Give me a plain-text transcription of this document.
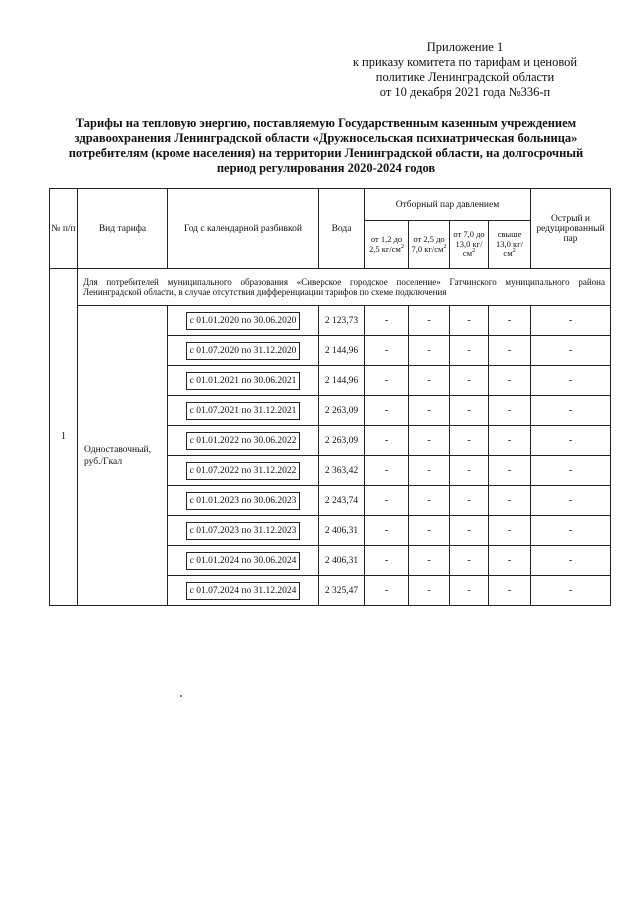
Приложение 1
к приказу комитета по тарифам и ценовой
политике Ленинградской области
от 10 декабря 2021 года №336-п
Тарифы на тепловую энергию, поставляемую Государственным казенным учреждением
здравоохранения Ленинградской области «Дружносельская психиатрическая больница»
потребителям (кроме населения) на территории Ленинградской области, на долгосрочный
период регулирования 2020-2024 годов
№ п/п	Вид тарифа	Год с календарной разбивкой	Вода	Отборный пар давлением				Острый и редуцированный пар
				от 1,2 до 2,5 $кг/см^2$	от 2,5 до 7,0 $кг/см^2$	от 7,0 до 13,0 $кг/см^2$	свыше 13,0 $кг/см^2$
1	Для потребителей муниципального образования «Сиверское городское поселение» Гатчинского муниципального района Ленинградской области, в случае отсутствия дифференциации тарифов по схеме подключения							
	Одноставочный, руб./Гкал	с 01.01.2020 по 30.06.2020	2 123,73	-	-	-	-	-
		с 01.07.2020 по 31.12.2020	2 144,96	-	-	-	-	-
		с 01.01.2021 по 30.06.2021	2 144,96	-	-	-	-	-
		с 01.07.2021 по 31.12.2021	2 263,09	-	-	-	-	-
		с 01.01.2022 по 30.06.2022	2 263,09	-	-	-	-	-
		с 01.07.2022 по 31.12.2022	2 363,42	-	-	-	-	-
		с 01.01.2023 по 30.06.2023	2 243,74	-	-	-	-	-
		с 01.07.2023 по 31.12.2023	2 406,31	-	-	-	-	-
		с 01.01.2024 по 30.06.2024	2 406,31	-	-	-	-	-
		с 01.07.2024 по 31.12.2024	2 325,47	-	-	-	-	-
